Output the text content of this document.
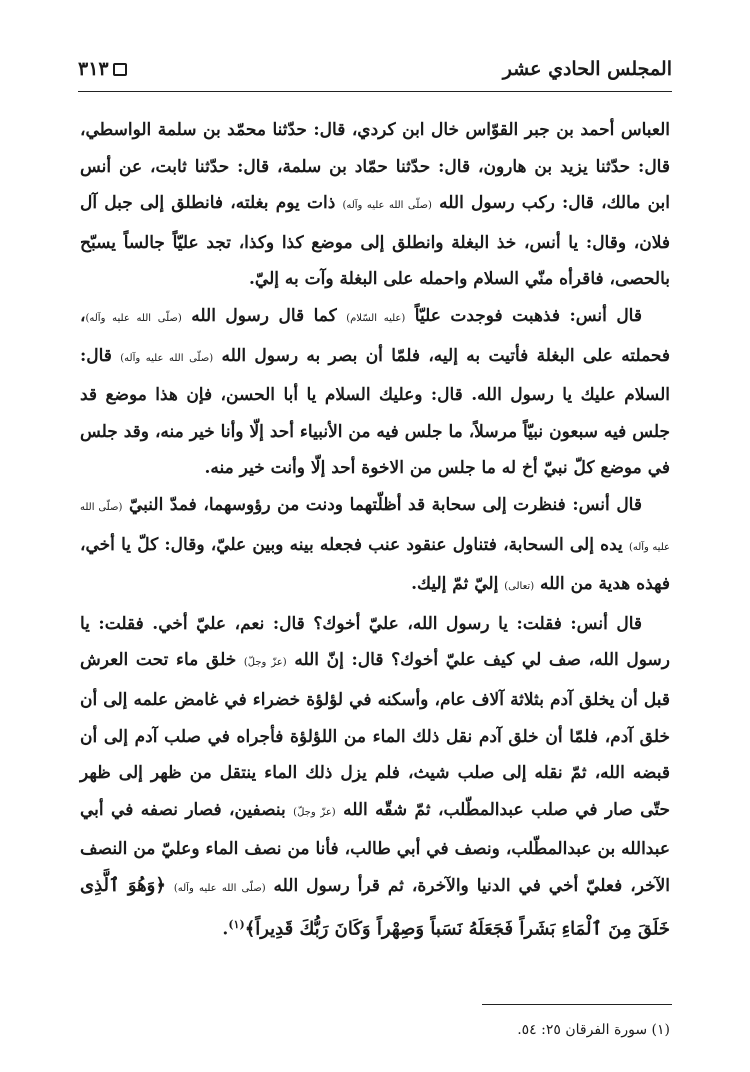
المجلس الحادي عشر
٣١٣

العباس أحمد بن جبر القوّاس خال ابن كردي، قال: حدّثنا محمّد بن سلمة الواسطي، قال: حدّثنا يزيد بن هارون، قال: حدّثنا حمّاد بن سلمة، قال: حدّثنا ثابت، عن أنس ابن مالك، قال: ركب رسول الله (صلّى الله عليه وآله) ذات يوم بغلته، فانطلق إلى جبل آل فلان، وقال: يا أنس، خذ البغلة وانطلق إلى موضع كذا وكذا، تجد عليّاً جالساً يسبّح بالحصى، فاقرأه منّي السلام واحمله على البغلة وآت به إليّ.

قال أنس: فذهبت فوجدت عليّاً (عليه السّلام) كما قال رسول الله (صلّى الله عليه وآله)، فحملته على البغلة فأتيت به إليه، فلمّا أن بصر به رسول الله (صلّى الله عليه وآله) قال: السلام عليك يا رسول الله. قال: وعليك السلام يا أبا الحسن، فإن هذا موضع قد جلس فيه سبعون نبيّاً مرسلاً، ما جلس فيه من الأنبياء أحد إلّا وأنا خير منه، وقد جلس في موضع كلّ نبيّ أخ له ما جلس من الاخوة أحد إلّا وأنت خير منه.

قال أنس: فنظرت إلى سحابة قد أظلّتهما ودنت من رؤوسهما، فمدّ النبيّ (صلّى الله عليه وآله) يده إلى السحابة، فتناول عنقود عنب فجعله بينه وبين عليّ، وقال: كلّ يا أخي، فهذه هدية من الله (تعالى) إليّ ثمّ إليك.

قال أنس: فقلت: يا رسول الله، عليّ أخوك؟ قال: نعم، عليّ أخي. فقلت: يا رسول الله، صف لي كيف عليّ أخوك؟ قال: إنّ الله (عزّ وجلّ) خلق ماء تحت العرش قبل أن يخلق آدم بثلاثة آلاف عام، وأسكنه في لؤلؤة خضراء في غامض علمه إلى أن خلق آدم، فلمّا أن خلق آدم نقل ذلك الماء من اللؤلؤة فأجراه في صلب آدم إلى أن قبضه الله، ثمّ نقله إلى صلب شيث، فلم يزل ذلك الماء ينتقل من ظهر إلى ظهر حتّى صار في صلب عبدالمطّلب، ثمّ شقّه الله (عزّ وجلّ) بنصفين، فصار نصفه في أبي عبدالله بن عبدالمطّلب، ونصف في أبي طالب، فأنا من نصف الماء وعليّ من النصف الآخر، فعليّ أخي في الدنيا والآخرة، ثم قرأ رسول الله (صلّى الله عليه وآله) ﴿وَهُوَ ٱلَّذِى خَلَقَ مِنَ ٱلْمَاءِ بَشَراً فَجَعَلَهُ نَسَباً وَصِهْراً وَكَانَ رَبُّكَ قَدِيراً﴾$^{(١)}$.

(١) سورة الفرقان ٢٥: ٥٤.
